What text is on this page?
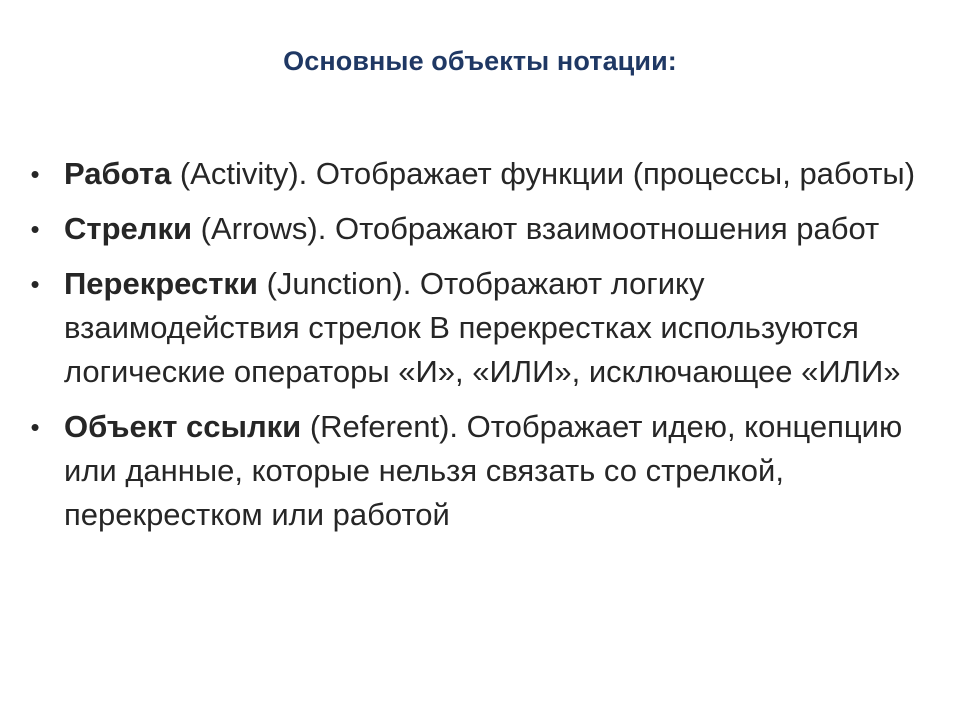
Основные объекты нотации:
• Работа (Activity). Отображает функции (процессы, работы)
• Стрелки (Arrows). Отображают взаимоотношения работ
• Перекрестки (Junction). Отображают логику взаимодействия стрелок В перекрестках используются логические операторы «И», «ИЛИ», исключающее «ИЛИ»
• Объект ссылки (Referent). Отображает идею, концепцию или данные, которые нельзя связать со стрелкой, перекрестком или работой
